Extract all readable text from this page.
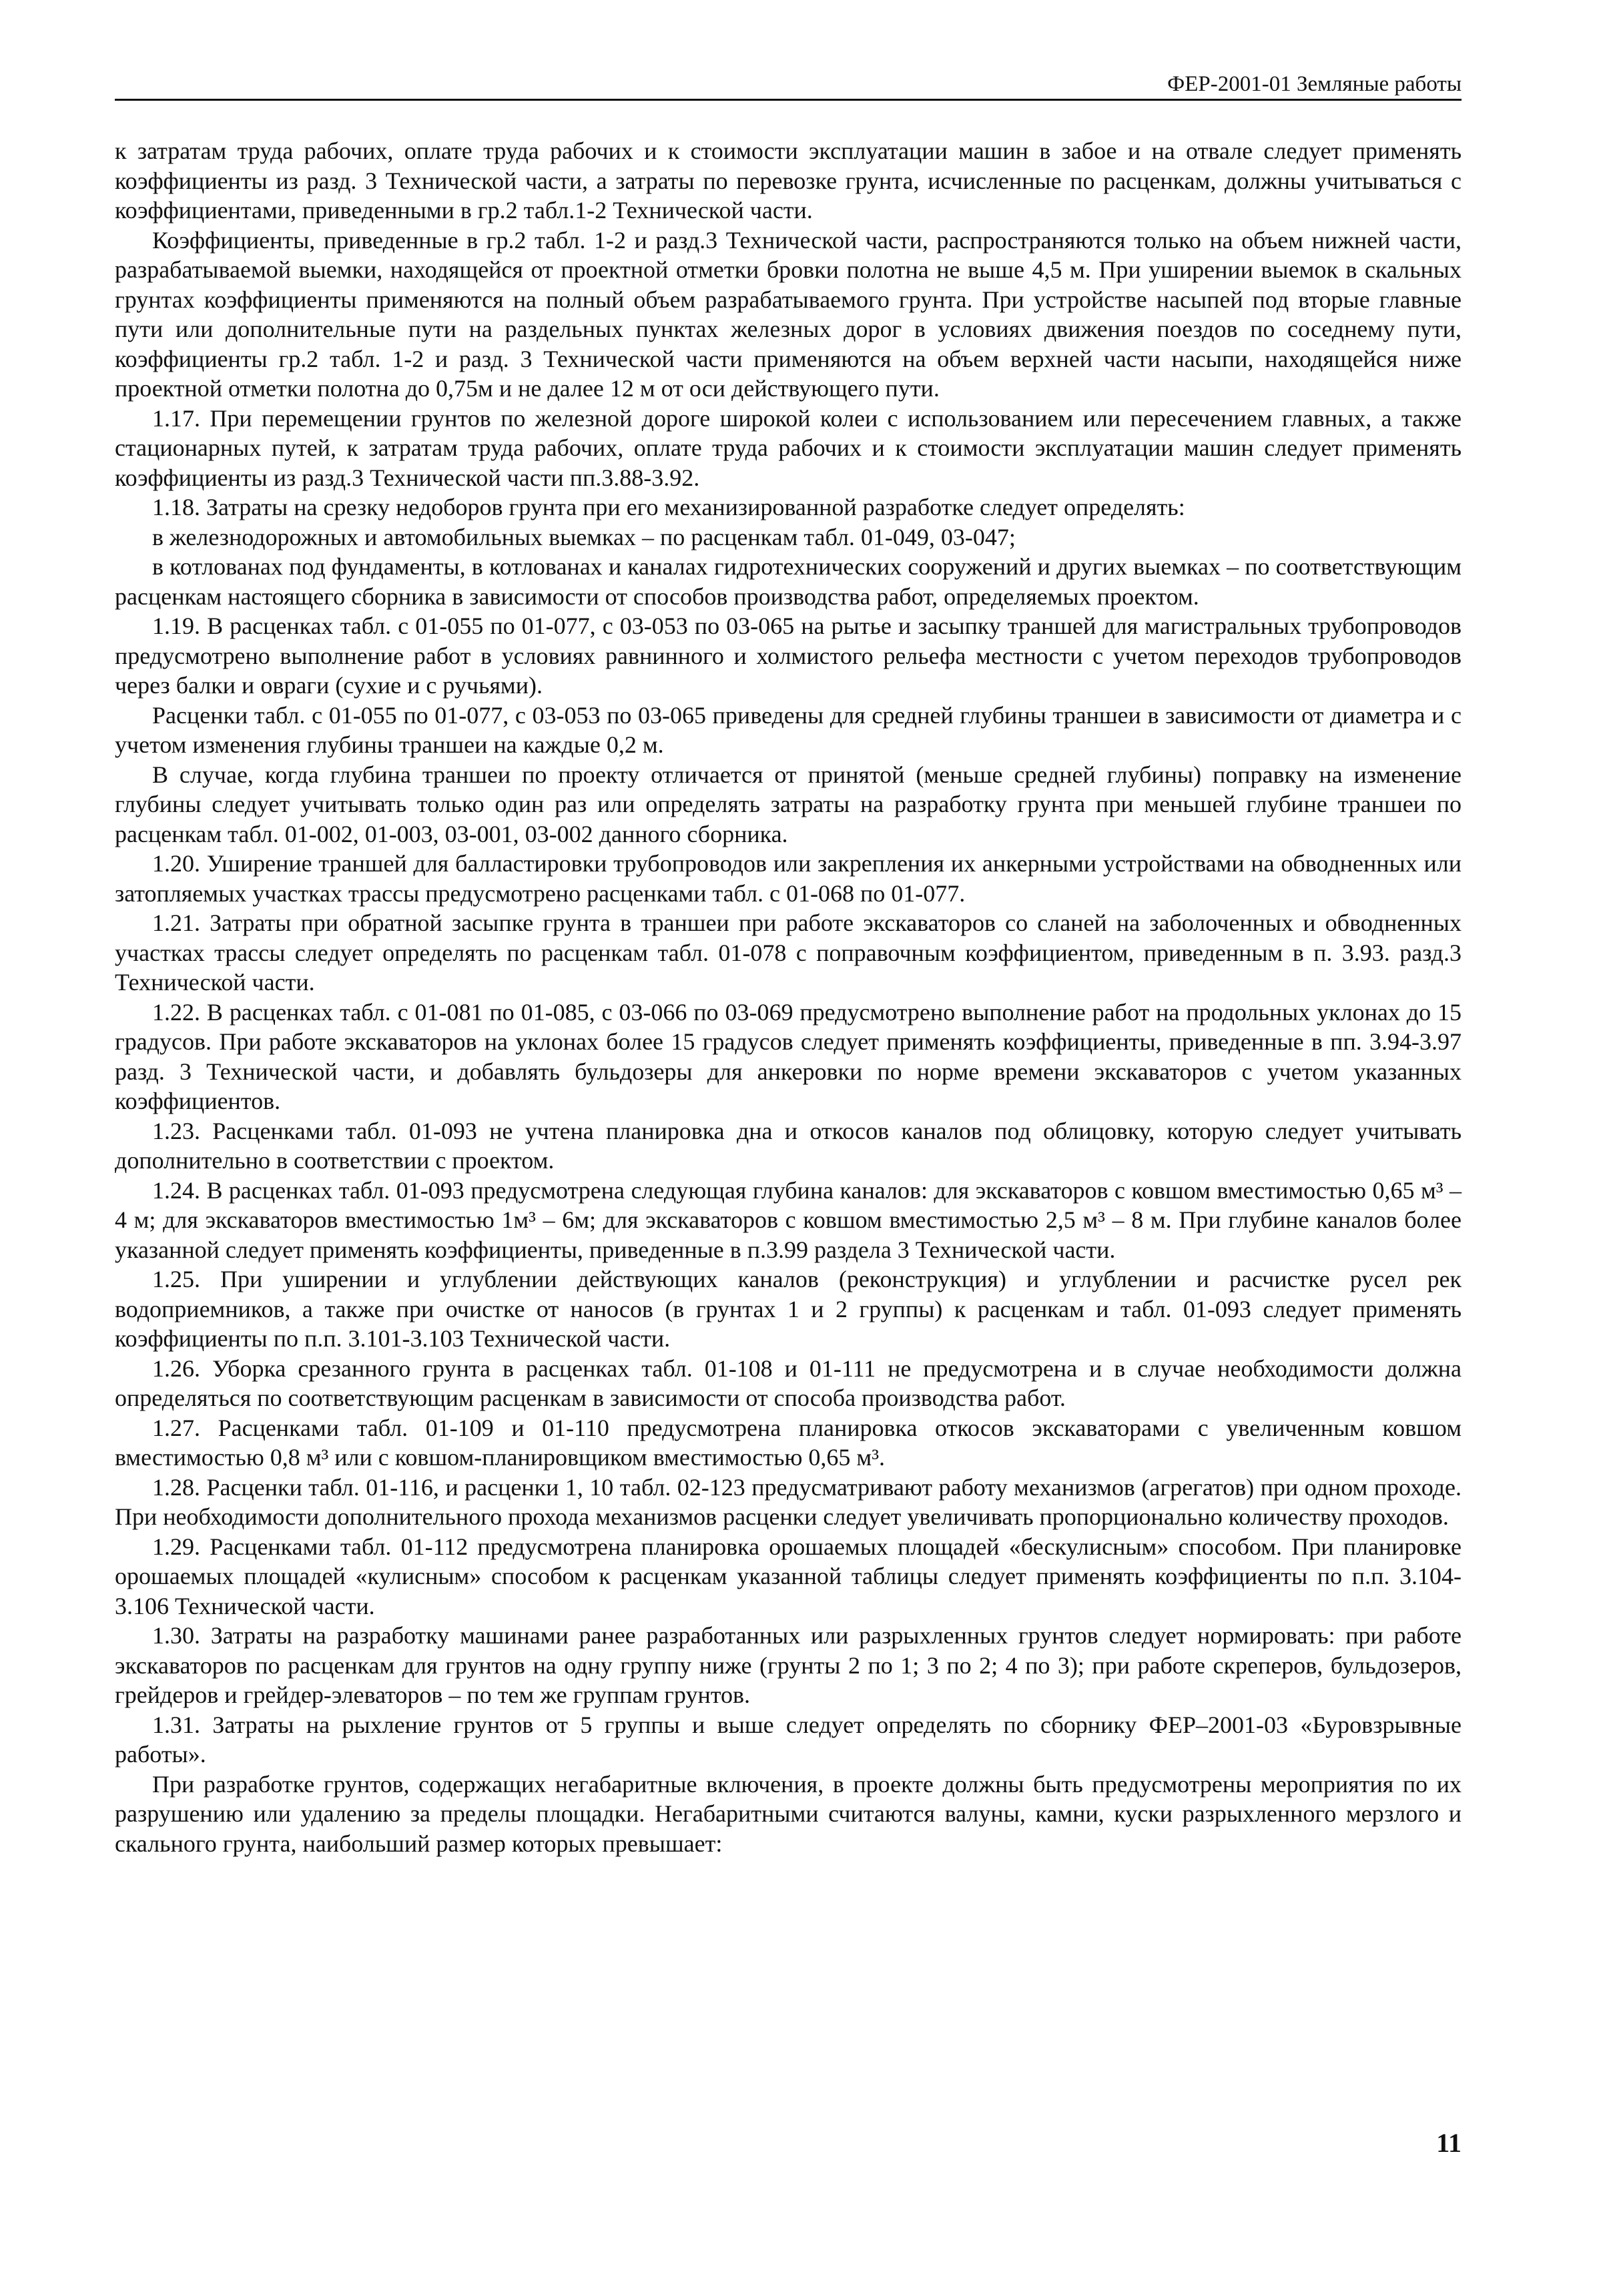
ФЕР-2001-01 Земляные работы

к затратам труда рабочих, оплате труда рабочих и к стоимости эксплуатации машин в забое и на отвале следует применять коэффициенты из разд. 3 Технической части, а затраты по перевозке грунта, исчисленные по расценкам, должны учитываться с коэффициентами, приведенными в гр.2 табл.1-2 Технической части.

Коэффициенты, приведенные в гр.2 табл. 1-2 и разд.3 Технической части, распространяются только на объем нижней части, разрабатываемой выемки, находящейся от проектной отметки бровки полотна не выше 4,5 м. При уширении выемок в скальных грунтах коэффициенты применяются на полный объем разрабатываемого грунта. При устройстве насыпей под вторые главные пути или дополнительные пути на раздельных пунктах железных дорог в условиях движения поездов по соседнему пути, коэффициенты гр.2 табл. 1-2 и разд. 3 Технической части применяются на объем верхней части насыпи, находящейся ниже проектной отметки полотна до 0,75м и не далее 12 м от оси действующего пути.

1.17. При перемещении грунтов по железной дороге широкой колеи с использованием или пересечением главных, а также стационарных путей, к затратам труда рабочих, оплате труда рабочих и к стоимости эксплуатации машин следует применять коэффициенты из разд.3 Технической части пп.3.88-3.92.

1.18. Затраты на срезку недоборов грунта при его механизированной разработке следует определять:

в железнодорожных и автомобильных выемках – по расценкам табл. 01-049, 03-047;

в котлованах под фундаменты, в котлованах и каналах гидротехнических сооружений и других выемках – по соответствующим расценкам настоящего сборника в зависимости от способов производства работ, определяемых проектом.

1.19. В расценках табл. с 01-055 по 01-077, с 03-053 по 03-065 на рытье и засыпку траншей для магистральных трубопроводов предусмотрено выполнение работ в условиях равнинного и холмистого рельефа местности с учетом переходов трубопроводов через балки и овраги (сухие и с ручьями).

Расценки табл. с 01-055 по 01-077, с 03-053 по 03-065 приведены для средней глубины траншеи в зависимости от диаметра и с учетом изменения глубины траншеи на каждые 0,2 м.

В случае, когда глубина траншеи по проекту отличается от принятой (меньше средней глубины) поправку на изменение глубины следует учитывать только один раз или определять затраты на разработку грунта при меньшей глубине траншеи по расценкам табл. 01-002, 01-003, 03-001, 03-002 данного сборника.

1.20. Уширение траншей для балластировки трубопроводов или закрепления их анкерными устройствами на обводненных или затопляемых участках трассы предусмотрено расценками табл. с 01-068 по 01-077.

1.21. Затраты при обратной засыпке грунта в траншеи при работе экскаваторов со сланей на заболоченных и обводненных участках трассы следует определять по расценкам табл. 01-078 с поправочным коэффициентом, приведенным в п. 3.93. разд.3 Технической части.

1.22. В расценках табл. с 01-081 по 01-085, с 03-066 по 03-069 предусмотрено выполнение работ на продольных уклонах до 15 градусов. При работе экскаваторов на уклонах более 15 градусов следует применять коэффициенты, приведенные в пп. 3.94-3.97 разд. 3 Технической части, и добавлять бульдозеры для анкеровки по норме времени экскаваторов с учетом указанных коэффициентов.

1.23. Расценками табл. 01-093 не учтена планировка дна и откосов каналов под облицовку, которую следует учитывать дополнительно в соответствии с проектом.

1.24. В расценках табл. 01-093 предусмотрена следующая глубина каналов: для экскаваторов с ковшом вместимостью 0,65 м³ – 4 м; для экскаваторов вместимостью 1м³ – 6м; для экскаваторов с ковшом вместимостью 2,5 м³ – 8 м. При глубине каналов более указанной следует применять коэффициенты, приведенные в п.3.99 раздела 3 Технической части.

1.25. При уширении и углублении действующих каналов (реконструкция) и углублении и расчистке русел рек водоприемников, а также при очистке от наносов (в грунтах 1 и 2 группы) к расценкам и табл. 01-093 следует применять коэффициенты по п.п. 3.101-3.103 Технической части.

1.26. Уборка срезанного грунта в расценках табл. 01-108 и 01-111 не предусмотрена и в случае необходимости должна определяться по соответствующим расценкам в зависимости от способа производства работ.

1.27. Расценками табл. 01-109 и 01-110 предусмотрена планировка откосов экскаваторами с увеличенным ковшом вместимостью 0,8 м³ или с ковшом-планировщиком вместимостью 0,65 м³.

1.28. Расценки табл. 01-116, и расценки 1, 10 табл. 02-123 предусматривают работу механизмов (агрегатов) при одном проходе. При необходимости дополнительного прохода механизмов расценки следует увеличивать пропорционально количеству проходов.

1.29. Расценками табл. 01-112 предусмотрена планировка орошаемых площадей «бескулисным» способом. При планировке орошаемых площадей «кулисным» способом к расценкам указанной таблицы следует применять коэффициенты по п.п. 3.104-3.106 Технической части.

1.30. Затраты на разработку машинами ранее разработанных или разрыхленных грунтов следует нормировать: при работе экскаваторов по расценкам для грунтов на одну группу ниже (грунты 2 по 1; 3 по 2; 4 по 3); при работе скреперов, бульдозеров, грейдеров и грейдер-элеваторов – по тем же группам грунтов.

1.31. Затраты на рыхление грунтов от 5 группы и выше следует определять по сборнику ФЕР–2001-03 «Буровзрывные работы».

При разработке грунтов, содержащих негабаритные включения, в проекте должны быть предусмотрены мероприятия по их разрушению или удалению за пределы площадки. Негабаритными считаются валуны, камни, куски разрыхленного мерзлого и скального грунта, наибольший размер которых превышает:

11
